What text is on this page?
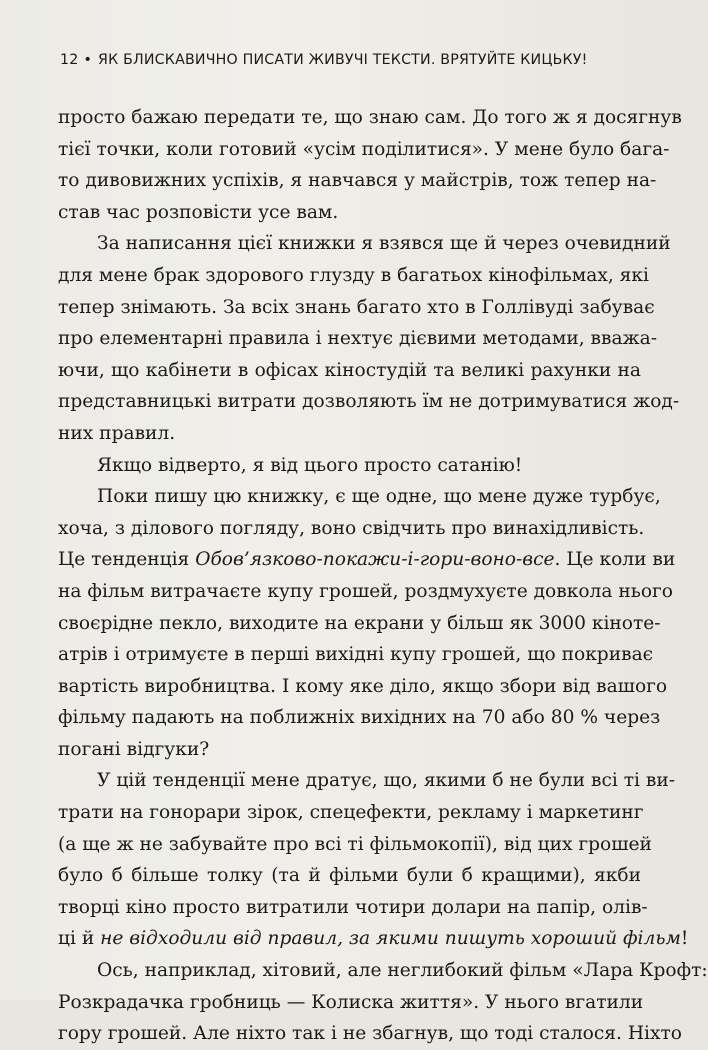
12 • ЯК БЛИСКАВИЧНО ПИСАТИ ЖИВУЧІ ТЕКСТИ. ВРЯТУЙТЕ КИЦЬКУ!
просто бажаю передати те, що знаю сам. До того ж я досягнув
тієї точки, коли готовий «усім поділитися». У мене було бага-
то дивовижних успіхів, я навчався у майстрів, тож тепер на-
став час розповісти усе вам.
За написання цієї книжки я взявся ще й через очевидний
для мене брак здорового глузду в багатьох кінофільмах, які
тепер знімають. За всіх знань багато хто в Голлівуді забуває
про елементарні правила і нехтує дієвими методами, вважа-
ючи, що кабінети в офісах кіностудій та великі рахунки на
представницькі витрати дозволяють їм не дотримуватися жод-
них правил.
Якщо відверто, я від цього просто сатанію!
Поки пишу цю книжку, є ще одне, що мене дуже турбує,
хоча, з ділового погляду, воно свідчить про винахідливість.
Це тенденція Обов’язково-покажи-і-гори-воно-все. Це коли ви
на фільм витрачаєте купу грошей, роздмухуєте довкола нього
своєрідне пекло, виходите на екрани у більш як 3000 кіноте-
атрів і отримуєте в перші вихідні купу грошей, що покриває
вартість виробництва. І кому яке діло, якщо збори від вашого
фільму падають на поближніх вихідних на 70 або 80 % через
погані відгуки?
У цій тенденції мене дратує, що, якими б не були всі ті ви-
трати на гонорари зірок, спецефекти, рекламу і маркетинг
(а ще ж не забувайте про всі ті фільмокопії), від цих грошей
було б більше толку (та й фільми були б кращими), якби
творці кіно просто витратили чотири долари на папір, олів-
ці й не відходили від правил, за якими пишуть хороший фільм!
Ось, наприклад, хітовий, але неглибокий фільм «Лара Крофт:
Розкрадачка гробниць — Колиска життя». У нього вгатили
гору грошей. Але ніхто так і не збагнув, що тоді сталося. Ніхто
